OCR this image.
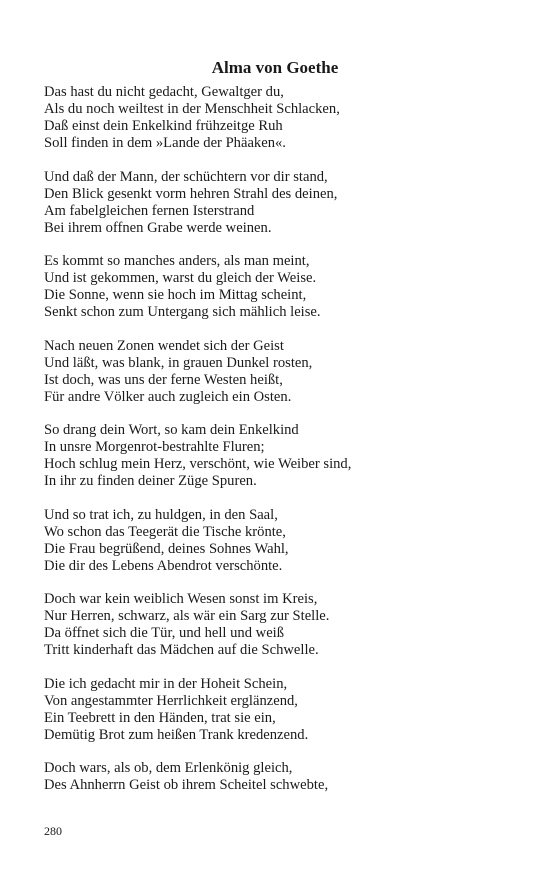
Alma von Goethe
Das hast du nicht gedacht, Gewaltger du,
Als du noch weiltest in der Menschheit Schlacken,
Daß einst dein Enkelkind frühzeitge Ruh
Soll finden in dem »Lande der Phäaken«.
Und daß der Mann, der schüchtern vor dir stand,
Den Blick gesenkt vorm hehren Strahl des deinen,
Am fabelgleichen fernen Isterstrand
Bei ihrem offnen Grabe werde weinen.
Es kommt so manches anders, als man meint,
Und ist gekommen, warst du gleich der Weise.
Die Sonne, wenn sie hoch im Mittag scheint,
Senkt schon zum Untergang sich mählich leise.
Nach neuen Zonen wendet sich der Geist
Und läßt, was blank, in grauen Dunkel rosten,
Ist doch, was uns der ferne Westen heißt,
Für andre Völker auch zugleich ein Osten.
So drang dein Wort, so kam dein Enkelkind
In unsre Morgenrot-bestrahlte Fluren;
Hoch schlug mein Herz, verschönt, wie Weiber sind,
In ihr zu finden deiner Züge Spuren.
Und so trat ich, zu huldgen, in den Saal,
Wo schon das Teegerät die Tische krönte,
Die Frau begrüßend, deines Sohnes Wahl,
Die dir des Lebens Abendrot verschönte.
Doch war kein weiblich Wesen sonst im Kreis,
Nur Herren, schwarz, als wär ein Sarg zur Stelle.
Da öffnet sich die Tür, und hell und weiß
Tritt kinderhaft das Mädchen auf die Schwelle.
Die ich gedacht mir in der Hoheit Schein,
Von angestammter Herrlichkeit erglänzend,
Ein Teebrett in den Händen, trat sie ein,
Demütig Brot zum heißen Trank kredenzend.
Doch wars, als ob, dem Erlenkönig gleich,
Des Ahnherrn Geist ob ihrem Scheitel schwebte,
280
